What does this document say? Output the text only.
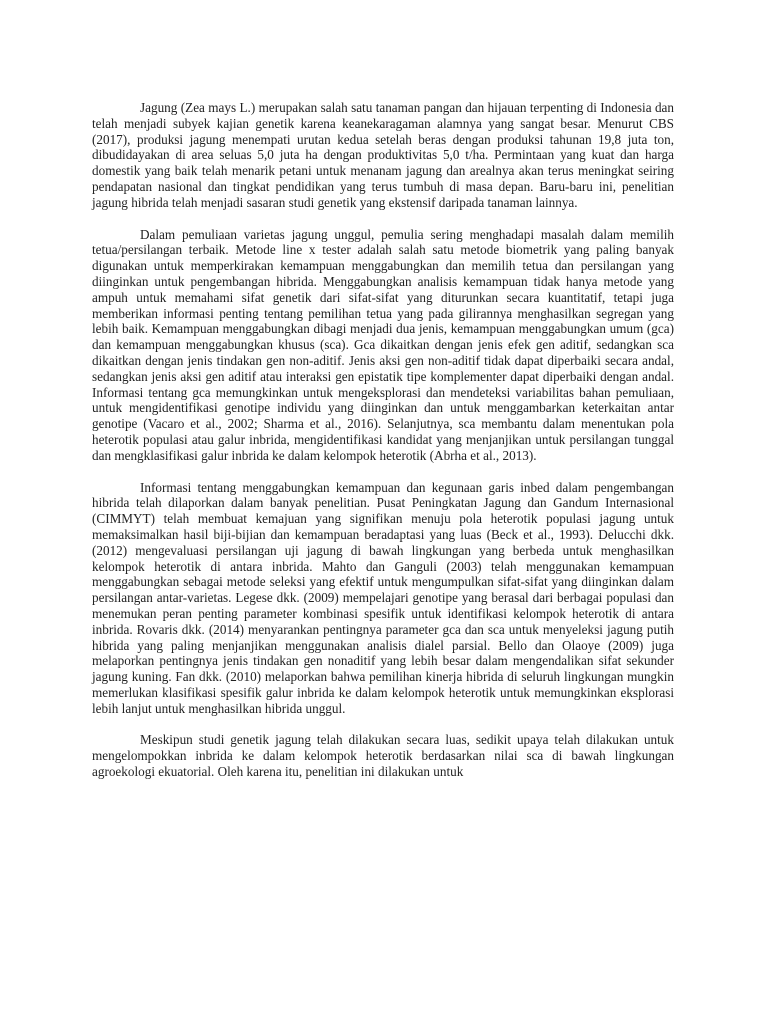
Jagung (Zea mays L.) merupakan salah satu tanaman pangan dan hijauan terpenting di Indonesia dan telah menjadi subyek kajian genetik karena keanekaragaman alamnya yang sangat besar. Menurut CBS (2017), produksi jagung menempati urutan kedua setelah beras dengan produksi tahunan 19,8 juta ton, dibudidayakan di area seluas 5,0 juta ha dengan produktivitas 5,0 t/ha. Permintaan yang kuat dan harga domestik yang baik telah menarik petani untuk menanam jagung dan arealnya akan terus meningkat seiring pendapatan nasional dan tingkat pendidikan yang terus tumbuh di masa depan. Baru-baru ini, penelitian jagung hibrida telah menjadi sasaran studi genetik yang ekstensif daripada tanaman lainnya.

Dalam pemuliaan varietas jagung unggul, pemulia sering menghadapi masalah dalam memilih tetua/persilangan terbaik. Metode line x tester adalah salah satu metode biometrik yang paling banyak digunakan untuk memperkirakan kemampuan menggabungkan dan memilih tetua dan persilangan yang diinginkan untuk pengembangan hibrida. Menggabungkan analisis kemampuan tidak hanya metode yang ampuh untuk memahami sifat genetik dari sifat-sifat yang diturunkan secara kuantitatif, tetapi juga memberikan informasi penting tentang pemilihan tetua yang pada gilirannya menghasilkan segregan yang lebih baik. Kemampuan menggabungkan dibagi menjadi dua jenis, kemampuan menggabungkan umum (gca) dan kemampuan menggabungkan khusus (sca). Gca dikaitkan dengan jenis efek gen aditif, sedangkan sca dikaitkan dengan jenis tindakan gen non-aditif. Jenis aksi gen non-aditif tidak dapat diperbaiki secara andal, sedangkan jenis aksi gen aditif atau interaksi gen epistatik tipe komplementer dapat diperbaiki dengan andal. Informasi tentang gca memungkinkan untuk mengeksplorasi dan mendeteksi variabilitas bahan pemuliaan, untuk mengidentifikasi genotipe individu yang diinginkan dan untuk menggambarkan keterkaitan antar genotipe (Vacaro et al., 2002; Sharma et al., 2016). Selanjutnya, sca membantu dalam menentukan pola heterotik populasi atau galur inbrida, mengidentifikasi kandidat yang menjanjikan untuk persilangan tunggal dan mengklasifikasi galur inbrida ke dalam kelompok heterotik (Abrha et al., 2013).

Informasi tentang menggabungkan kemampuan dan kegunaan garis inbed dalam pengembangan hibrida telah dilaporkan dalam banyak penelitian. Pusat Peningkatan Jagung dan Gandum Internasional (CIMMYT) telah membuat kemajuan yang signifikan menuju pola heterotik populasi jagung untuk memaksimalkan hasil biji-bijian dan kemampuan beradaptasi yang luas (Beck et al., 1993). Delucchi dkk. (2012) mengevaluasi persilangan uji jagung di bawah lingkungan yang berbeda untuk menghasilkan kelompok heterotik di antara inbrida. Mahto dan Ganguli (2003) telah menggunakan kemampuan menggabungkan sebagai metode seleksi yang efektif untuk mengumpulkan sifat-sifat yang diinginkan dalam persilangan antar-varietas. Legese dkk. (2009) mempelajari genotipe yang berasal dari berbagai populasi dan menemukan peran penting parameter kombinasi spesifik untuk identifikasi kelompok heterotik di antara inbrida. Rovaris dkk. (2014) menyarankan pentingnya parameter gca dan sca untuk menyeleksi jagung putih hibrida yang paling menjanjikan menggunakan analisis dialel parsial. Bello dan Olaoye (2009) juga melaporkan pentingnya jenis tindakan gen nonaditif yang lebih besar dalam mengendalikan sifat sekunder jagung kuning. Fan dkk. (2010) melaporkan bahwa pemilihan kinerja hibrida di seluruh lingkungan mungkin memerlukan klasifikasi spesifik galur inbrida ke dalam kelompok heterotik untuk memungkinkan eksplorasi lebih lanjut untuk menghasilkan hibrida unggul.

Meskipun studi genetik jagung telah dilakukan secara luas, sedikit upaya telah dilakukan untuk mengelompokkan inbrida ke dalam kelompok heterotik berdasarkan nilai sca di bawah lingkungan agroekologi ekuatorial. Oleh karena itu, penelitian ini dilakukan untuk
